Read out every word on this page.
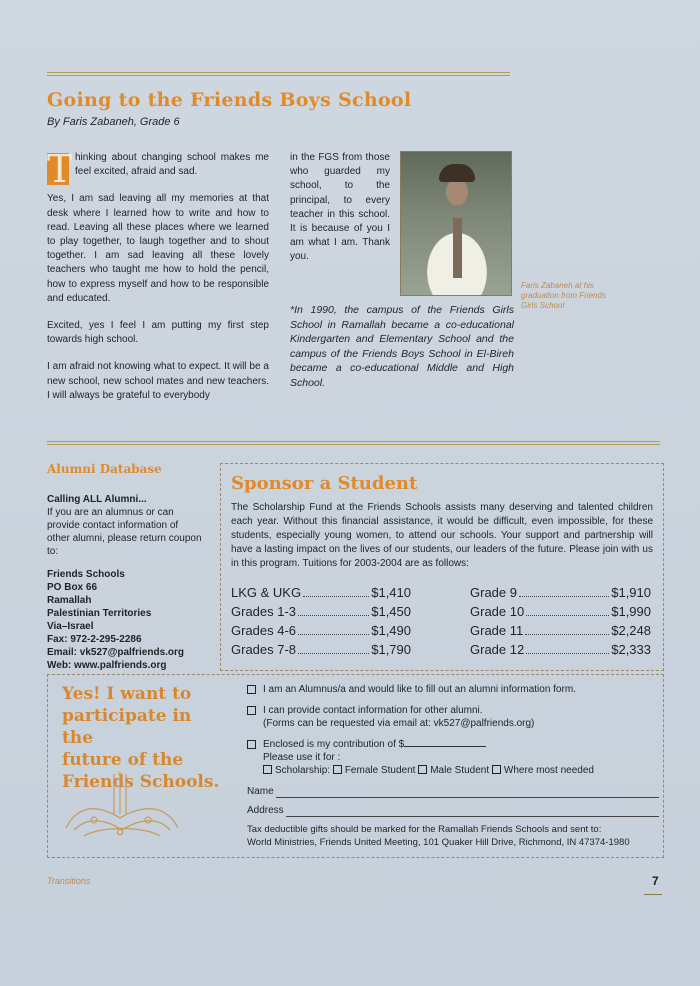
Going to the Friends Boys School
By Faris Zabaneh, Grade 6

T hinking about changing school makes me feel excited, afraid and sad.

Yes, I am sad leaving all my memories at that desk where I learned how to write and how to read. Leaving all these places where we learned to play together, to laugh together and to shout together. I am sad leaving all these lovely teachers who taught me how to hold the pencil, how to express myself and how to be responsible and educated.

Excited, yes I feel I am putting my first step towards high school.

I am afraid not knowing what to expect. It will be a new school, new school mates and new teachers. I will always be grateful to everybody

in the FGS from those who guarded my school, to the principal, to every teacher in this school. It is because of you I am what I am. Thank you.

Faris Zabaneh at his graduation from Friends Girls School
*In 1990, the campus of the Friends Girls School in Ramallah became a co-educational Kindergarten and Elementary School and the campus of the Friends Boys School in El-Bireh became a co-educational Middle and High School.
Alumni Database
Calling ALL Alumni...
If you are an alumnus or can provide contact information of other alumni, please return coupon to:
Friends Schools
PO Box 66
Ramallah
Palestinian Territories
Via–Israel
Fax: 972-2-295-2286
Email: vk527@palfriends.org
Web: www.palfriends.org
Sponsor a Student
The Scholarship Fund at the Friends Schools assists many deserving and talented children each year. Without this financial assistance, it would be difficult, even impossible, for these students, especially young women, to attend our schools. Your support and partnership will have a lasting impact on the lives of our students, our leaders of the future. Please join with us in this program. Tuitions for 2003-2004 are as follows:
LKG & UKG	$1,410
Grades 1-3	$1,450
Grades 4-6	$1,490
Grades 7-8	$1,790
Grade 9	$1,910
Grade 10	$1,990
Grade 11	$2,248
Grade 12	$2,333
Yes! I want to
participate in the
future of the
Friends Schools.
I am an Alumnus/a and would like to fill out an alumni information form.
I can provide contact information for other alumni.
(Forms can be requested via email at: vk527@palfriends.org)
Enclosed is my contribution of $
Please use it for :
Scholarship: Female Student Male Student Where most needed
Name
Address
Tax deductible gifts should be marked for the Ramallah Friends Schools and sent to:
World Ministries, Friends United Meeting, 101 Quaker Hill Drive, Richmond, IN 47374-1980
Transitions	7
